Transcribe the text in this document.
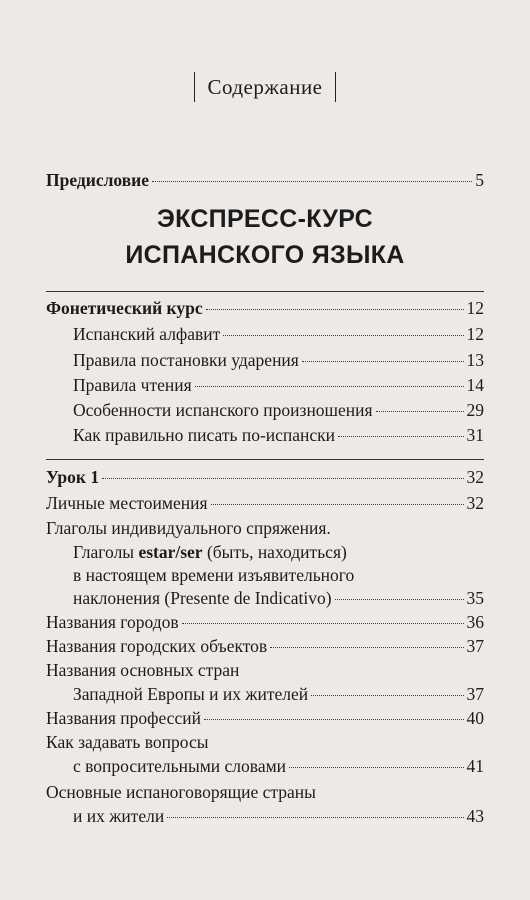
Содержание
Предисловие	5
ЭКСПРЕСС-КУРС
ИСПАНСКОГО ЯЗЫКА
Фонетический курс	12
Испанский алфавит	12
Правила постановки ударения	13
Правила чтения	14
Особенности испанского произношения	29
Как правильно писать по-испански	31
Урок 1	32
Личные местоимения	32
Глаголы индивидуального спряжения.
Глаголы estar/ser (быть, находиться)
в настоящем времени изъявительного
наклонения (Presente de Indicativo)	35
Названия городов	36
Названия городских объектов	37
Названия основных стран
Западной Европы и их жителей	37
Названия профессий	40
Как задавать вопросы
с вопросительными словами	41
Основные испаноговорящие страны
и их жители	43
